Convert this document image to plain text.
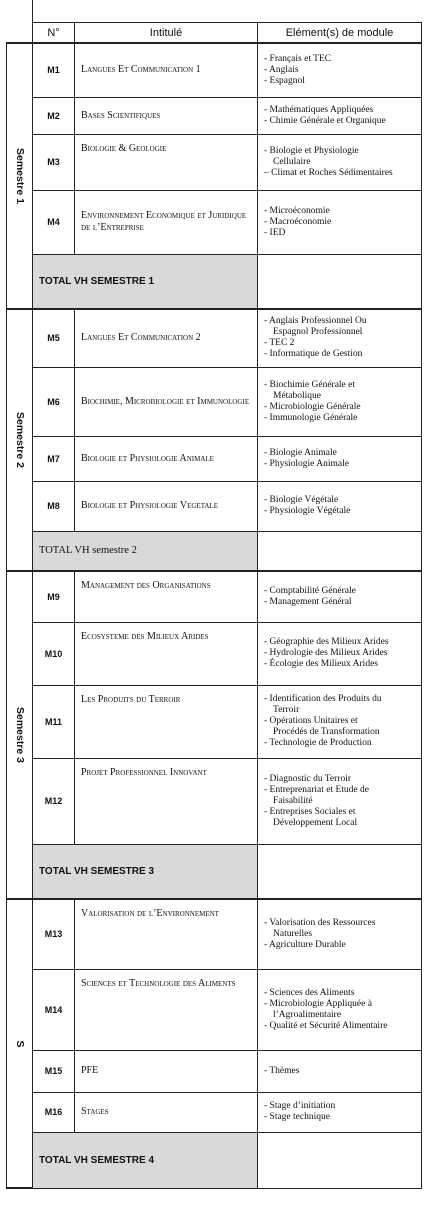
	N°	Intitulé	Elément(s) de module

Semestre 1	M1	Langues Et Communication 1	- Français et TEC
- Anglais
- Espagnol

	M2	Bases Scientifiques	- Mathématiques Appliquées
- Chimie Générale et Organique

	M3	Biologie & Geologie	- Biologie et Physiologie
Cellulaire
– Climat et Roches Sédimentaires

	M4	Environnement Economique et Juridique de l’Entreprise	- Microéconomie
- Macroéconomie
- IED

	TOTAL VH SEMESTRE 1		

Semestre 2	M5	Langues Et Communication 2	- Anglais Professionnel Ou
Espagnol Professionnel
- TEC 2
- Informatique de Gestion

	M6	Biochimie, Microbiologie et Immunologie	- Biochimie Générale et
Métabolique
- Microbiologie Générale
- Immunologie Générale

	M7	Biologie et Physiologie Animale	- Biologie Animale
- Physiologie Animale

	M8	Biologie et Physiologie Vegetale	- Biologie Végétale
- Physiologie Végétale

	TOTAL VH semestre 2		

Semestre 3	M9	Management des Organisations	- Comptabilité Générale
- Management Général

	M10	Ecosysteme des Milieux Arides	- Géographie des Milieux Arides
- Hydrologie des Milieux Arides
- Écologie des Milieux Arides

	M11	Les Produits du Terroir	- Identification des Produits du
Terroir
- Opérations Unitaires et
Procédés de Transformation
- Technologie de Production

	M12	Projet Professionnel Innovant	- Diagnostic du Terroir
- Entreprenariat et Etude de
Faisabilité
- Entreprises Sociales et
Développement Local

	TOTAL VH SEMESTRE 3		

S	M13	Valorisation de l’Environnement	- Valorisation des Ressources
Naturelles
- Agriculture Durable

	M14	Sciences et Technologie des Aliments	- Sciences des Aliments
- Microbiologie Appliquée à
l’Agroalimentaire
- Qualité et Sécurité Alimentaire

	M15	PFE	- Thèmes

	M16	Stages	- Stage d’initiation
- Stage technique

	TOTAL VH SEMESTRE 4		
